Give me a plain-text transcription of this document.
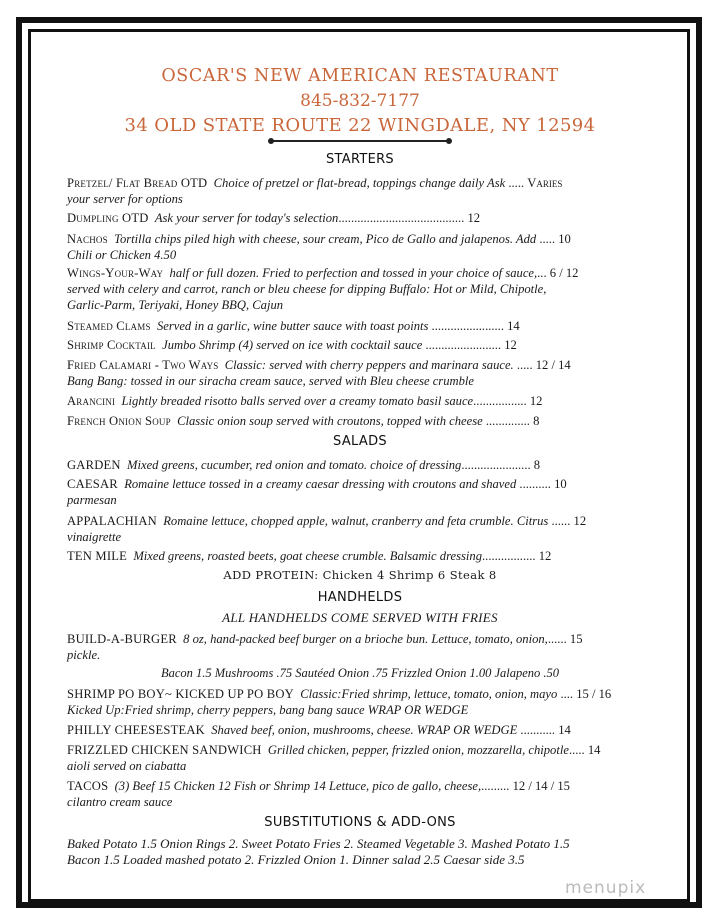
OSCAR'S NEW AMERICAN RESTAURANT
845-832-7177
34 OLD STATE ROUTE 22 WINGDALE, NY 12594
STARTERS
Pretzel/ Flat Bread OTD Choice of pretzel or flat-bread, toppings change daily Ask ..... Varies
your server for options
Dumpling OTD Ask your server for today's selection........................................ 12
Nachos Tortilla chips piled high with cheese, sour cream, Pico de Gallo and jalapenos. Add ..... 10
Chili or Chicken 4.50
Wings-Your-Way half or full dozen. Fried to perfection and tossed in your choice of sauce,... 6 / 12
served with celery and carrot, ranch or bleu cheese for dipping Buffalo: Hot or Mild, Chipotle,
Garlic-Parm, Teriyaki, Honey BBQ, Cajun
Steamed Clams Served in a garlic, wine butter sauce with toast points ....................... 14
Shrimp Cocktail Jumbo Shrimp (4) served on ice with cocktail sauce ........................ 12
Fried Calamari - Two Ways Classic: served with cherry peppers and marinara sauce. ..... 12 / 14
Bang Bang: tossed in our siracha cream sauce, served with Bleu cheese crumble
Arancini Lightly breaded risotto balls served over a creamy tomato basil sauce................. 12
French Onion Soup Classic onion soup served with croutons, topped with cheese .............. 8
SALADS
GARDEN Mixed greens, cucumber, red onion and tomato. choice of dressing...................... 8
CAESAR Romaine lettuce tossed in a creamy caesar dressing with croutons and shaved .......... 10
parmesan
APPALACHIAN Romaine lettuce, chopped apple, walnut, cranberry and feta crumble. Citrus ...... 12
vinaigrette
TEN MILE Mixed greens, roasted beets, goat cheese crumble. Balsamic dressing................. 12
ADD PROTEIN: Chicken 4 Shrimp 6 Steak 8
HANDHELDS
ALL HANDHELDS COME SERVED WITH FRIES
BUILD-A-BURGER 8 oz, hand-packed beef burger on a brioche bun. Lettuce, tomato, onion,...... 15
pickle.
Bacon 1.5 Mushrooms .75 Sautéed Onion .75 Frizzled Onion 1.00 Jalapeno .50
SHRIMP PO BOY~ KICKED UP PO BOY Classic:Fried shrimp, lettuce, tomato, onion, mayo .... 15 / 16
Kicked Up:Fried shrimp, cherry peppers, bang bang sauce WRAP OR WEDGE
PHILLY CHEESESTEAK Shaved beef, onion, mushrooms, cheese. WRAP OR WEDGE ........... 14
FRIZZLED CHICKEN SANDWICH Grilled chicken, pepper, frizzled onion, mozzarella, chipotle..... 14
aioli served on ciabatta
TACOS (3) Beef 15 Chicken 12 Fish or Shrimp 14 Lettuce, pico de gallo, cheese,......... 12 / 14 / 15
cilantro cream sauce
SUBSTITUTIONS & ADD-ONS
Baked Potato 1.5 Onion Rings 2. Sweet Potato Fries 2. Steamed Vegetable 3. Mashed Potato 1.5
Bacon 1.5 Loaded mashed potato 2. Frizzled Onion 1. Dinner salad 2.5 Caesar side 3.5
menupix
